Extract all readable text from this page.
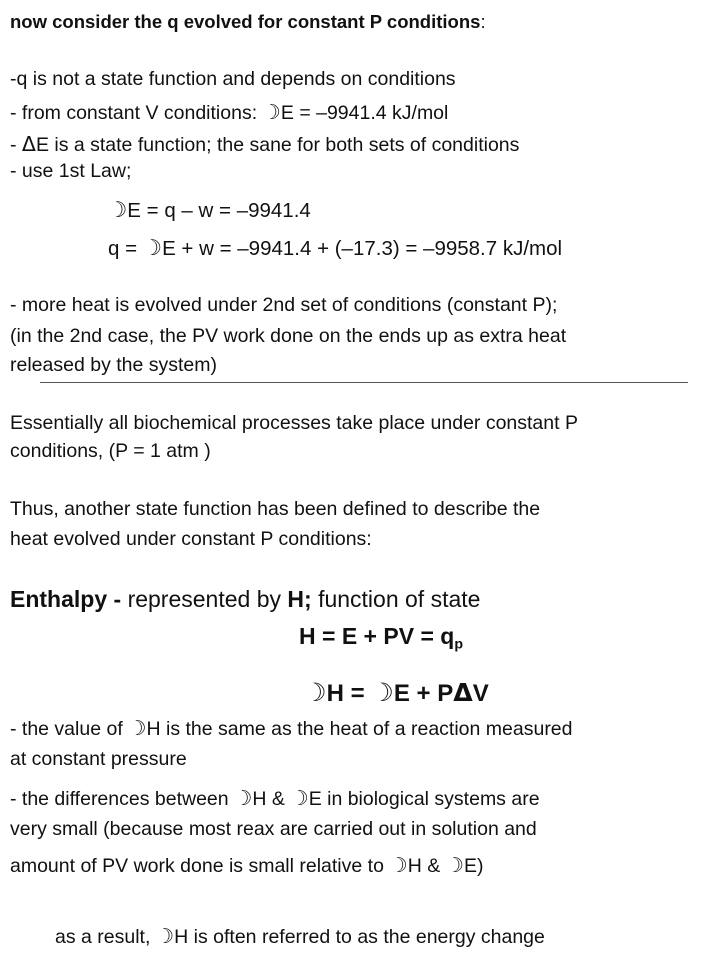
now consider the q evolved for constant P conditions:
-q is not a state function and depends on conditions
- from constant V conditions: ☽E = –9941.4 kJ/mol
- ΔE is a state function; the sane for both sets of conditions
- use 1st Law;
☽E = q – w = –9941.4
q = ☽E + w = –9941.4 + (–17.3) = –9958.7 kJ/mol
- more heat is evolved under 2nd set of conditions (constant P);
(in the 2nd case, the PV work done on the ends up as extra heat
released by the system)
Essentially all biochemical processes take place under constant P
conditions, (P = 1 atm )
Thus, another state function has been defined to describe the
heat evolved under constant P conditions:
Enthalpy - represented by H; function of state
H = E + PV = $q_p$
☽H = ☽E + PΔV
- the value of ☽H is the same as the heat of a reaction measured
at constant pressure
- the differences between ☽H & ☽E in biological systems are
very small (because most reax are carried out in solution and
amount of PV work done is small relative to ☽H & ☽E)
as a result, ☽H is often referred to as the energy change
